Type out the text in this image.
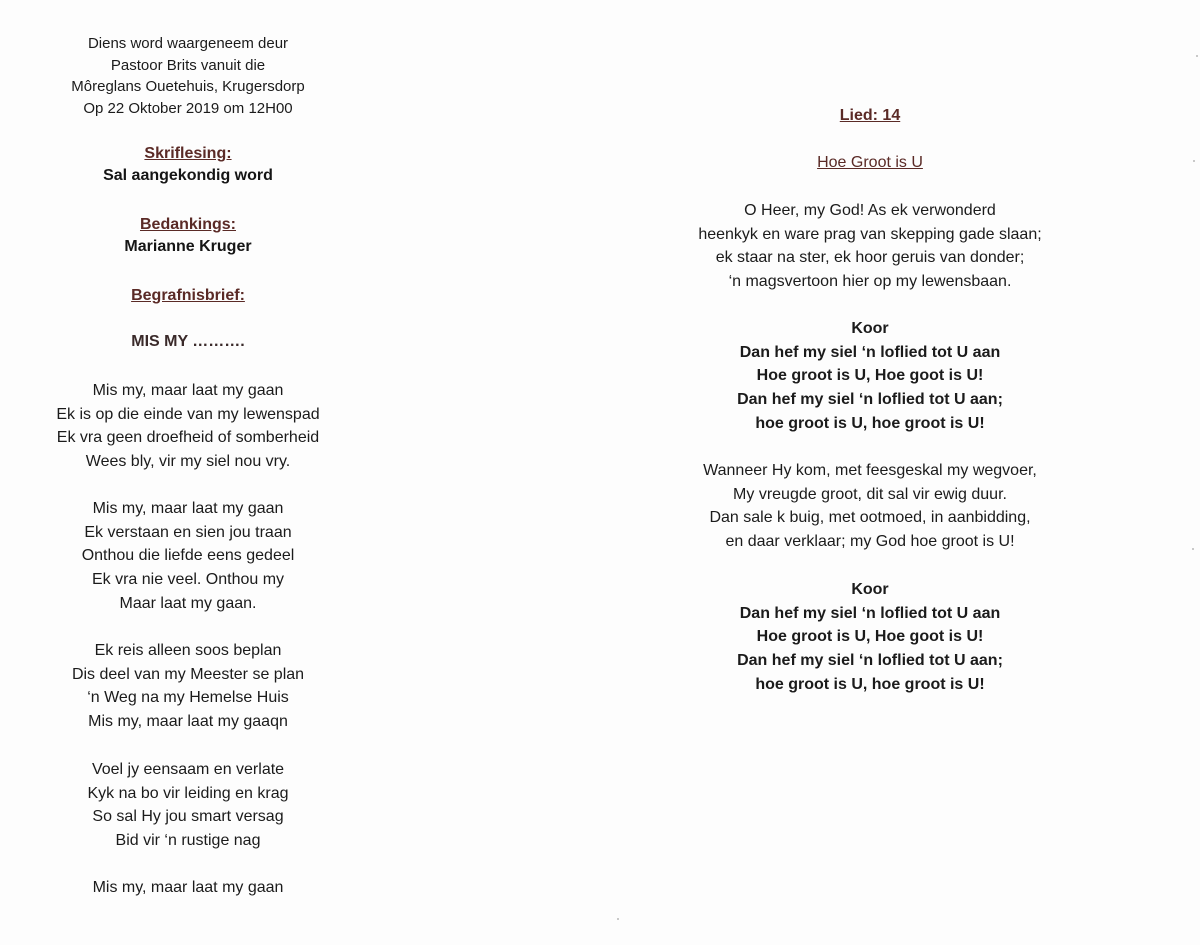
Diens word waargeneem deur
Pastoor Brits vanuit die
Môreglans Ouetehuis, Krugersdorp
Op 22 Oktober 2019 om 12H00
Skriflesing:
Sal aangekondig word
Bedankings:
Marianne Kruger
Begrafnisbrief:
MIS MY ……….
Mis my, maar laat my gaan
Ek is op die einde van my lewenspad
Ek vra geen droefheid of somberheid
Wees bly, vir my siel nou vry.
Mis my, maar laat my gaan
Ek verstaan en sien jou traan
Onthou die liefde eens gedeel
Ek vra nie veel. Onthou my
Maar laat my gaan.
Ek reis alleen soos beplan
Dis deel van my Meester se plan
‘n Weg na my Hemelse Huis
Mis my, maar laat my gaaqn
Voel jy eensaam en verlate
Kyk na bo vir leiding en krag
So sal Hy jou smart versag
Bid vir ‘n rustige nag
Mis my, maar laat my gaan
Lied: 14
Hoe Groot is U
O Heer, my God! As ek verwonderd
heenkyk en ware prag van skepping gade slaan;
ek staar na ster, ek hoor geruis van donder;
‘n magsvertoon hier op my lewensbaan.
Koor
Dan hef my siel ‘n loflied tot U aan
Hoe groot is U, Hoe goot is U!
Dan hef my siel ‘n loflied tot U aan;
hoe groot is U, hoe groot is U!
Wanneer Hy kom, met feesgeskal my wegvoer,
My vreugde groot, dit sal vir ewig duur.
Dan sale k buig, met ootmoed, in aanbidding,
en daar verklaar; my God hoe groot is U!
Koor
Dan hef my siel ‘n loflied tot U aan
Hoe groot is U, Hoe goot is U!
Dan hef my siel ‘n loflied tot U aan;
hoe groot is U, hoe groot is U!
